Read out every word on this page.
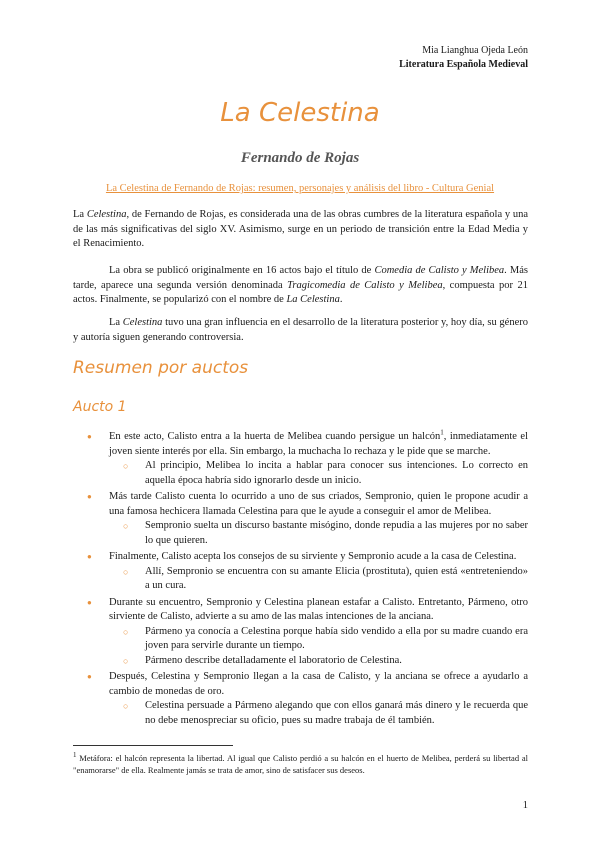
Mia Lianghua Ojeda León
Literatura Española Medieval
La Celestina
Fernando de Rojas
La Celestina de Fernando de Rojas: resumen, personajes y análisis del libro - Cultura Genial

La Celestina, de Fernando de Rojas, es considerada una de las obras cumbres de la literatura española y una de las más significativas del siglo XV. Asimismo, surge en un periodo de transición entre la Edad Media y el Renacimiento.

La obra se publicó originalmente en 16 actos bajo el título de Comedia de Calisto y Melibea. Más tarde, aparece una segunda versión denominada Tragicomedia de Calisto y Melibea, compuesta por 21 actos. Finalmente, se popularizó con el nombre de La Celestina.

La Celestina tuvo una gran influencia en el desarrollo de la literatura posterior y, hoy día, su género y autoría siguen generando controversia.

Resumen por auctos
Aucto 1
● En este acto, Calisto entra a la huerta de Melibea cuando persigue un halcón$^1$, inmediatamente el joven siente interés por ella. Sin embargo, la muchacha lo rechaza y le pide que se marche.
○ Al principio, Melibea lo incita a hablar para conocer sus intenciones. Lo correcto en aquella época habría sido ignorarlo desde un inicio.
● Más tarde Calisto cuenta lo ocurrido a uno de sus criados, Sempronio, quien le propone acudir a una famosa hechicera llamada Celestina para que le ayude a conseguir el amor de Melibea.
○ Sempronio suelta un discurso bastante misógino, donde repudia a las mujeres por no saber lo que quieren.
● Finalmente, Calisto acepta los consejos de su sirviente y Sempronio acude a la casa de Celestina.
○ Allí, Sempronio se encuentra con su amante Elicia (prostituta), quien está «entreteniendo» a un cura.
● Durante su encuentro, Sempronio y Celestina planean estafar a Calisto. Entretanto, Pármeno, otro sirviente de Calisto, advierte a su amo de las malas intenciones de la anciana.
○ Pármeno ya conocía a Celestina porque había sido vendido a ella por su madre cuando era joven para servirle durante un tiempo.
○ Pármeno describe detalladamente el laboratorio de Celestina.
● Después, Celestina y Sempronio llegan a la casa de Calisto, y la anciana se ofrece a ayudarlo a cambio de monedas de oro.
○ Celestina persuade a Pármeno alegando que con ellos ganará más dinero y le recuerda que no debe menospreciar su oficio, pues su madre trabaja de él también.
$^1$ Metáfora: el halcón representa la libertad. Al igual que Calisto perdió a su halcón en el huerto de Melibea, perderá su libertad al "enamorarse" de ella. Realmente jamás se trata de amor, sino de satisfacer sus deseos.
1
